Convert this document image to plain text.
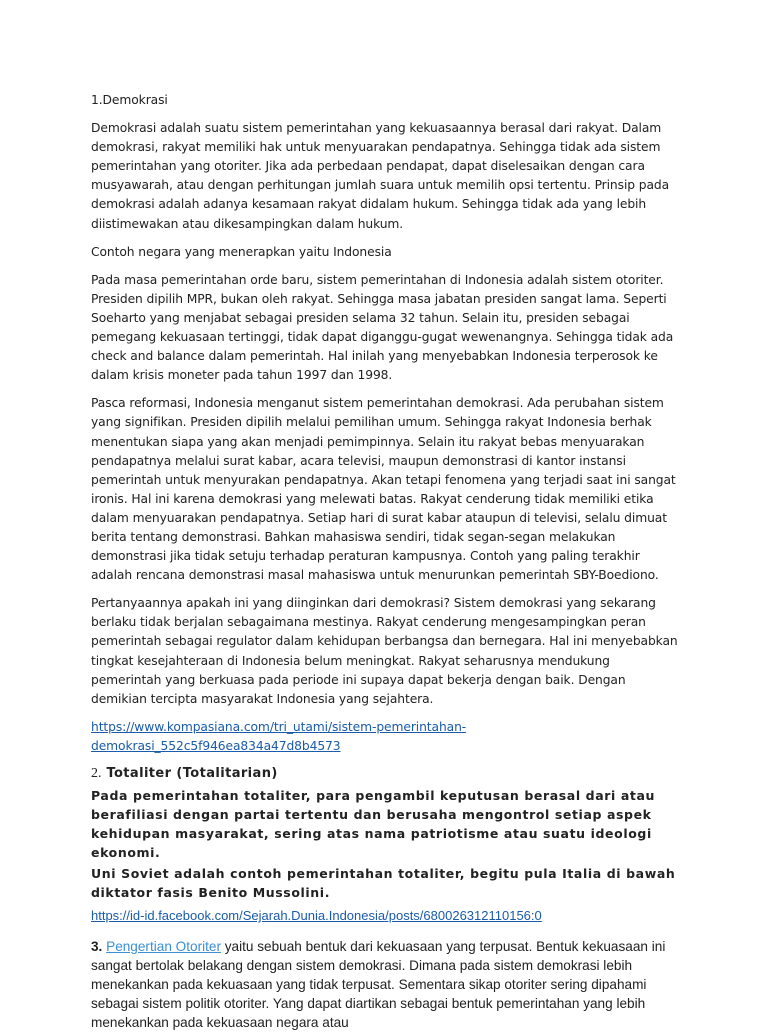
1.Demokrasi

Demokrasi adalah suatu sistem pemerintahan yang kekuasaannya berasal dari rakyat. Dalam demokrasi, rakyat memiliki hak untuk menyuarakan pendapatnya. Sehingga tidak ada sistem pemerintahan yang otoriter. Jika ada perbedaan pendapat, dapat diselesaikan dengan cara musyawarah, atau dengan perhitungan jumlah suara untuk memilih opsi tertentu. Prinsip pada demokrasi adalah adanya kesamaan rakyat didalam hukum. Sehingga tidak ada yang lebih diistimewakan atau dikesampingkan dalam hukum.

Contoh negara yang menerapkan yaitu Indonesia

Pada masa pemerintahan orde baru, sistem pemerintahan di Indonesia adalah sistem otoriter. Presiden dipilih MPR, bukan oleh rakyat. Sehingga masa jabatan presiden sangat lama. Seperti Soeharto yang menjabat sebagai presiden selama 32 tahun. Selain itu, presiden sebagai pemegang kekuasaan tertinggi, tidak dapat diganggu-gugat wewenangnya. Sehingga tidak ada check and balance dalam pemerintah. Hal inilah yang menyebabkan Indonesia terperosok ke dalam krisis moneter pada tahun 1997 dan 1998.

Pasca reformasi, Indonesia menganut sistem pemerintahan demokrasi. Ada perubahan sistem yang signifikan. Presiden dipilih melalui pemilihan umum. Sehingga rakyat Indonesia berhak menentukan siapa yang akan menjadi pemimpinnya. Selain itu rakyat bebas menyuarakan pendapatnya melalui surat kabar, acara televisi, maupun demonstrasi di kantor instansi pemerintah untuk menyurakan pendapatnya. Akan tetapi fenomena yang terjadi saat ini sangat ironis. Hal ini karena demokrasi yang melewati batas. Rakyat cenderung tidak memiliki etika dalam menyuarakan pendapatnya. Setiap hari di surat kabar ataupun di televisi, selalu dimuat berita tentang demonstrasi. Bahkan mahasiswa sendiri, tidak segan-segan melakukan demonstrasi jika tidak setuju terhadap peraturan kampusnya. Contoh yang paling terakhir adalah rencana demonstrasi masal mahasiswa untuk menurunkan pemerintah SBY-Boediono.

Pertanyaannya apakah ini yang diinginkan dari demokrasi? Sistem demokrasi yang sekarang berlaku tidak berjalan sebagaimana mestinya. Rakyat cenderung mengesampingkan peran pemerintah sebagai regulator dalam kehidupan berbangsa dan bernegara. Hal ini menyebabkan tingkat kesejahteraan di Indonesia belum meningkat. Rakyat seharusnya mendukung pemerintah yang berkuasa pada periode ini supaya dapat bekerja dengan baik. Dengan demikian tercipta masyarakat Indonesia yang sejahtera.

https://www.kompasiana.com/tri_utami/sistem-pemerintahan-demokrasi_552c5f946ea834a47d8b4573

2. Totaliter (Totalitarian)

Pada pemerintahan totaliter, para pengambil keputusan berasal dari atau berafiliasi dengan partai tertentu dan berusaha mengontrol setiap aspek kehidupan masyarakat, sering atas nama patriotisme atau suatu ideologi ekonomi.

Uni Soviet adalah contoh pemerintahan totaliter, begitu pula Italia di bawah diktator fasis Benito Mussolini.

https://id-id.facebook.com/Sejarah.Dunia.Indonesia/posts/680026312110156:0

3. Pengertian Otoriter yaitu sebuah bentuk dari kekuasaan yang terpusat. Bentuk kekuasaan ini sangat bertolak belakang dengan sistem demokrasi. Dimana pada sistem demokrasi lebih menekankan pada kekuasaan yang tidak terpusat. Sementara sikap otoriter sering dipahami sebagai sistem politik otoriter. Yang dapat diartikan sebagai bentuk pemerintahan yang lebih menekankan pada kekuasaan negara atau
